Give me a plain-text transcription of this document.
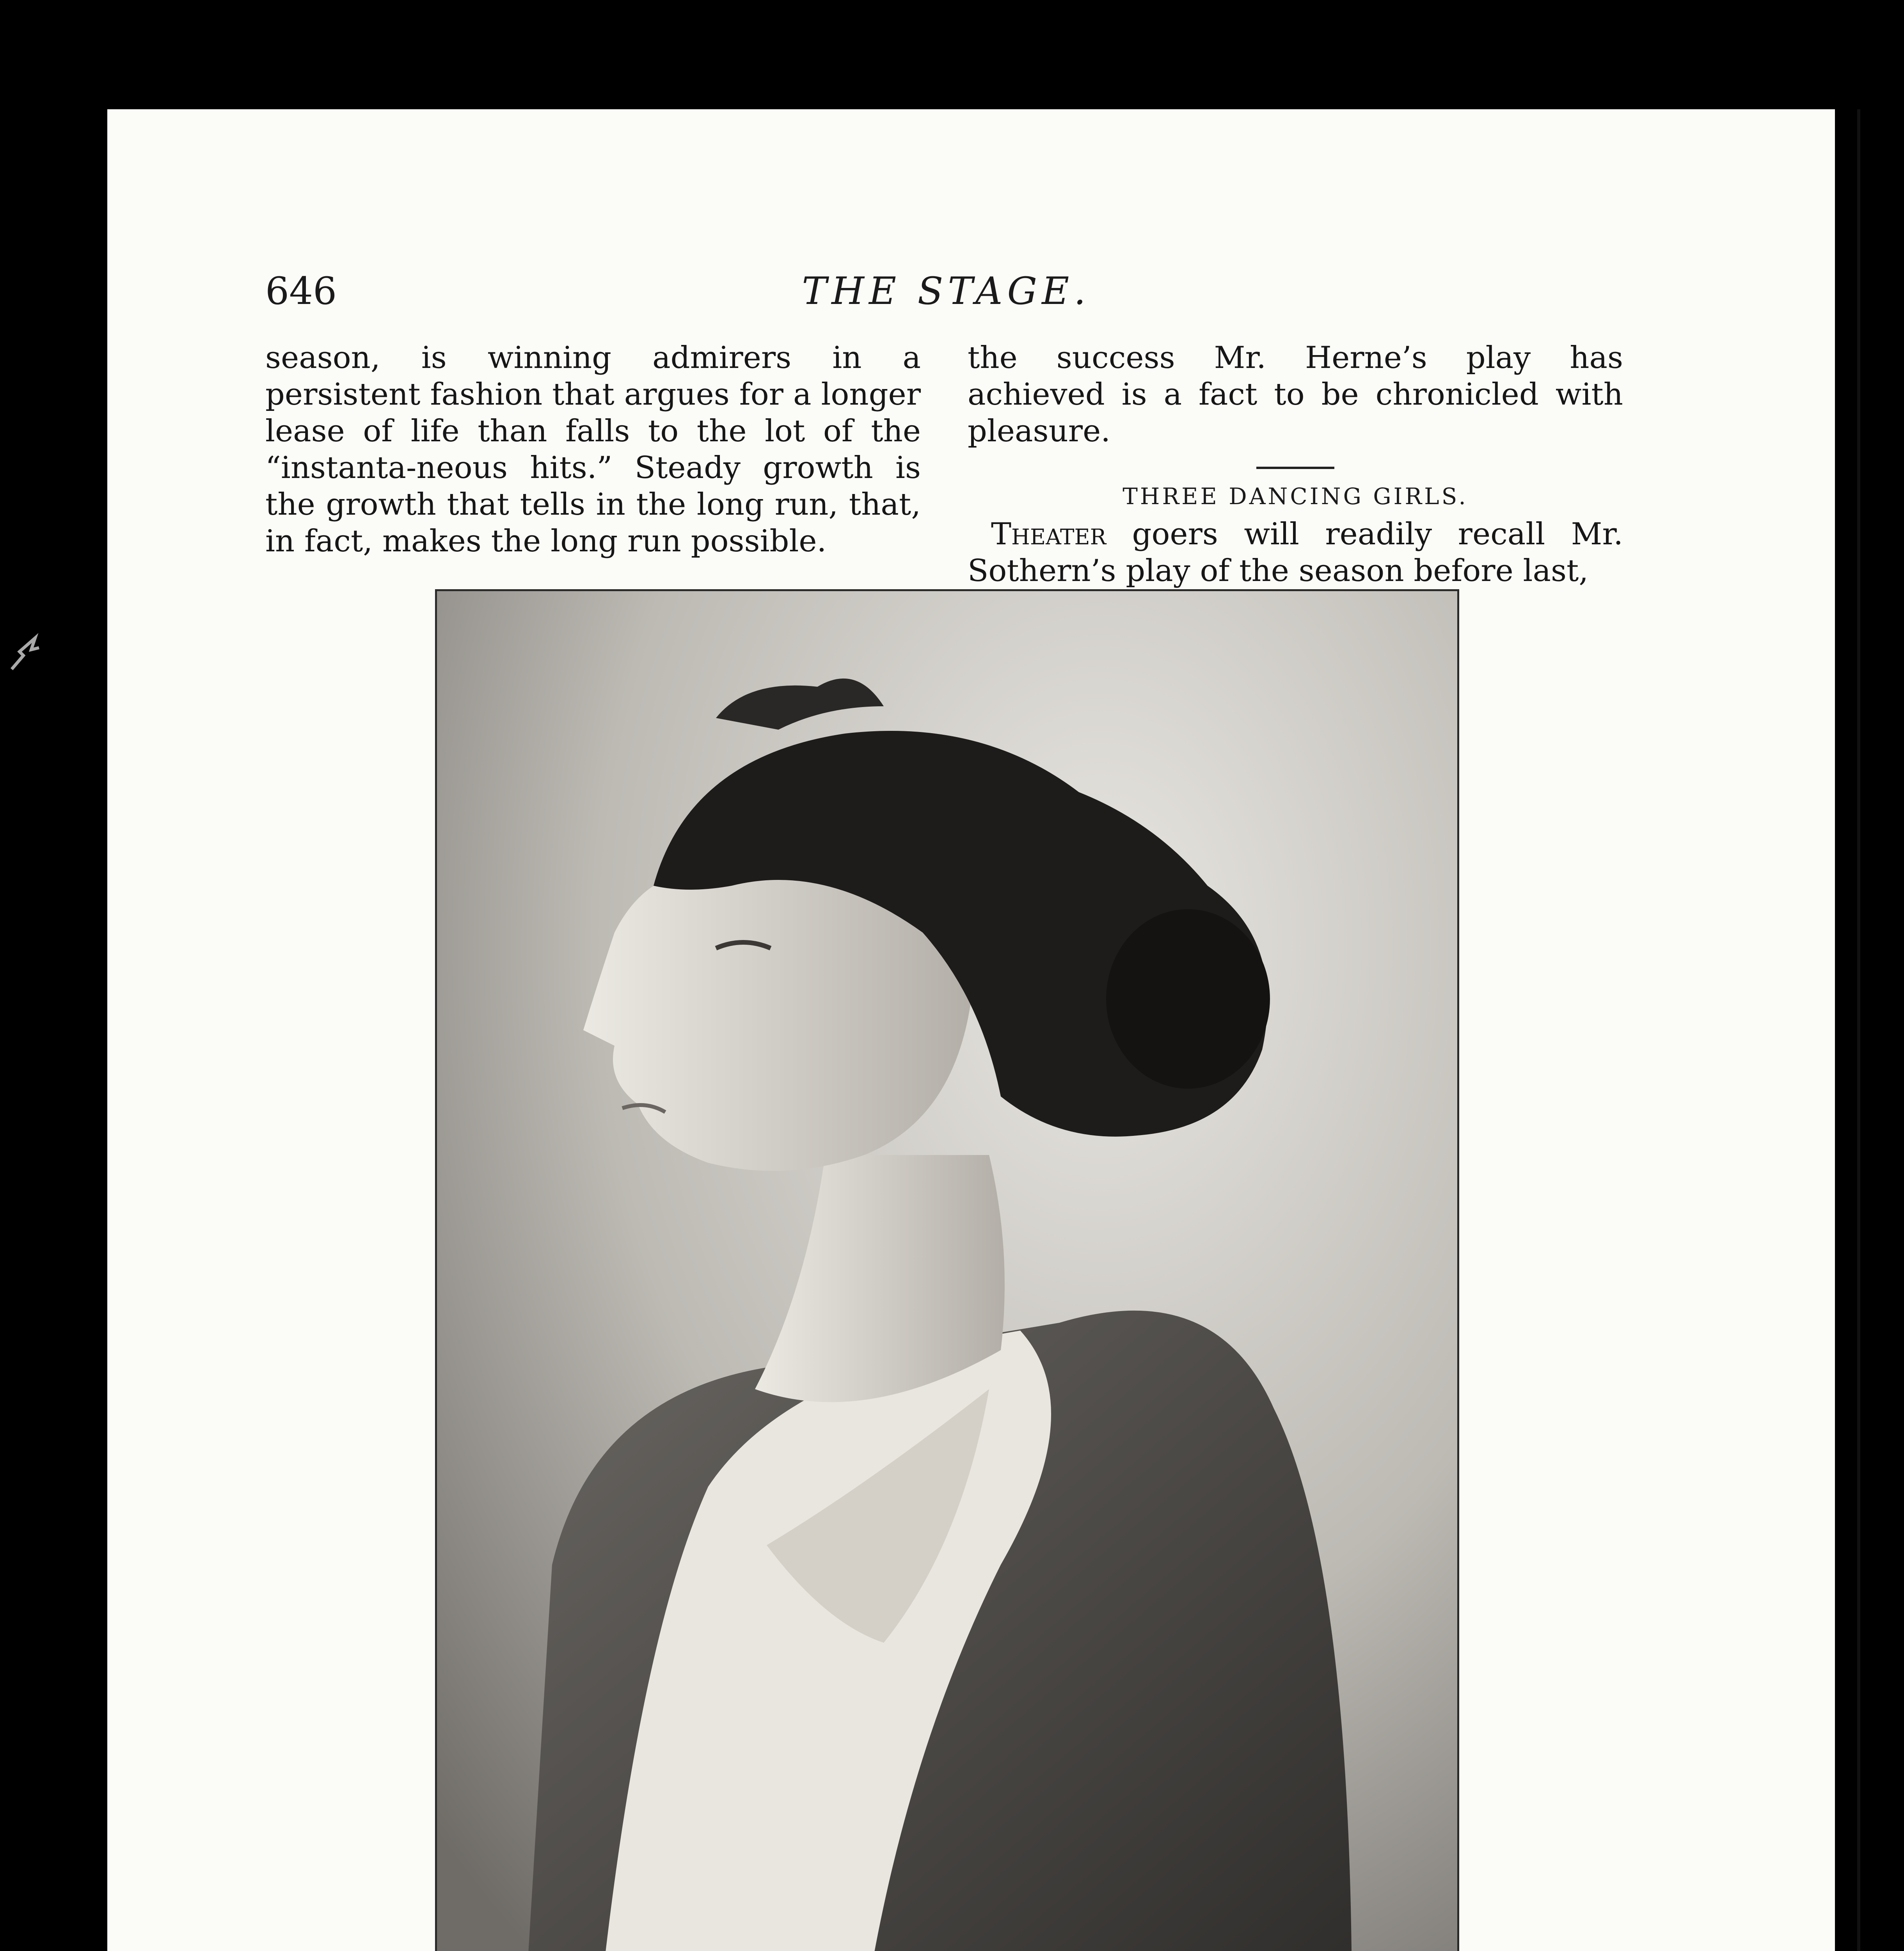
646	THE STAGE.

season, is winning admirers in a persistent fashion that argues for a longer lease of life than falls to the lot of the “instanta-neous hits.” Steady growth is the growth that tells in the long run, that, in fact, makes the long run possible.

the success Mr. Herne’s play has achieved is a fact to be chronicled with pleasure.

THREE DANCING GIRLS.

Theater goers will readily recall Mr. Sothern’s play of the season before last,
